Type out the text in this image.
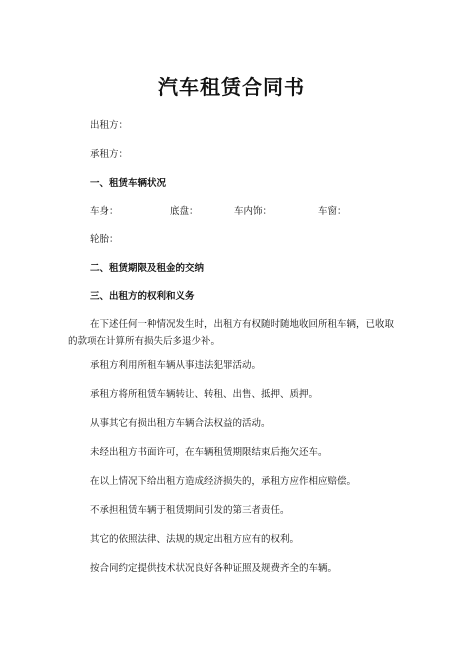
汽车租赁合同书
出租方：
承租方：
一、租赁车辆状况
车身：	底盘：	车内饰：	车窗：
轮胎：
二、租赁期限及租金的交纳
三、出租方的权利和义务
在下述任何一种情况发生时，出租方有权随时随地收回所租车辆，已收取的款项在计算所有损失后多退少补。
承租方利用所租车辆从事违法犯罪活动。
承租方将所租赁车辆转让、转租、出售、抵押、质押。
从事其它有损出租方车辆合法权益的活动。
未经出租方书面许可，在车辆租赁期限结束后拖欠还车。
在以上情况下给出租方造成经济损失的，承租方应作相应赔偿。
不承担租赁车辆于租赁期间引发的第三者责任。
其它的依照法律、法规的规定出租方应有的权利。
按合同约定提供技术状况良好各种证照及规费齐全的车辆。
